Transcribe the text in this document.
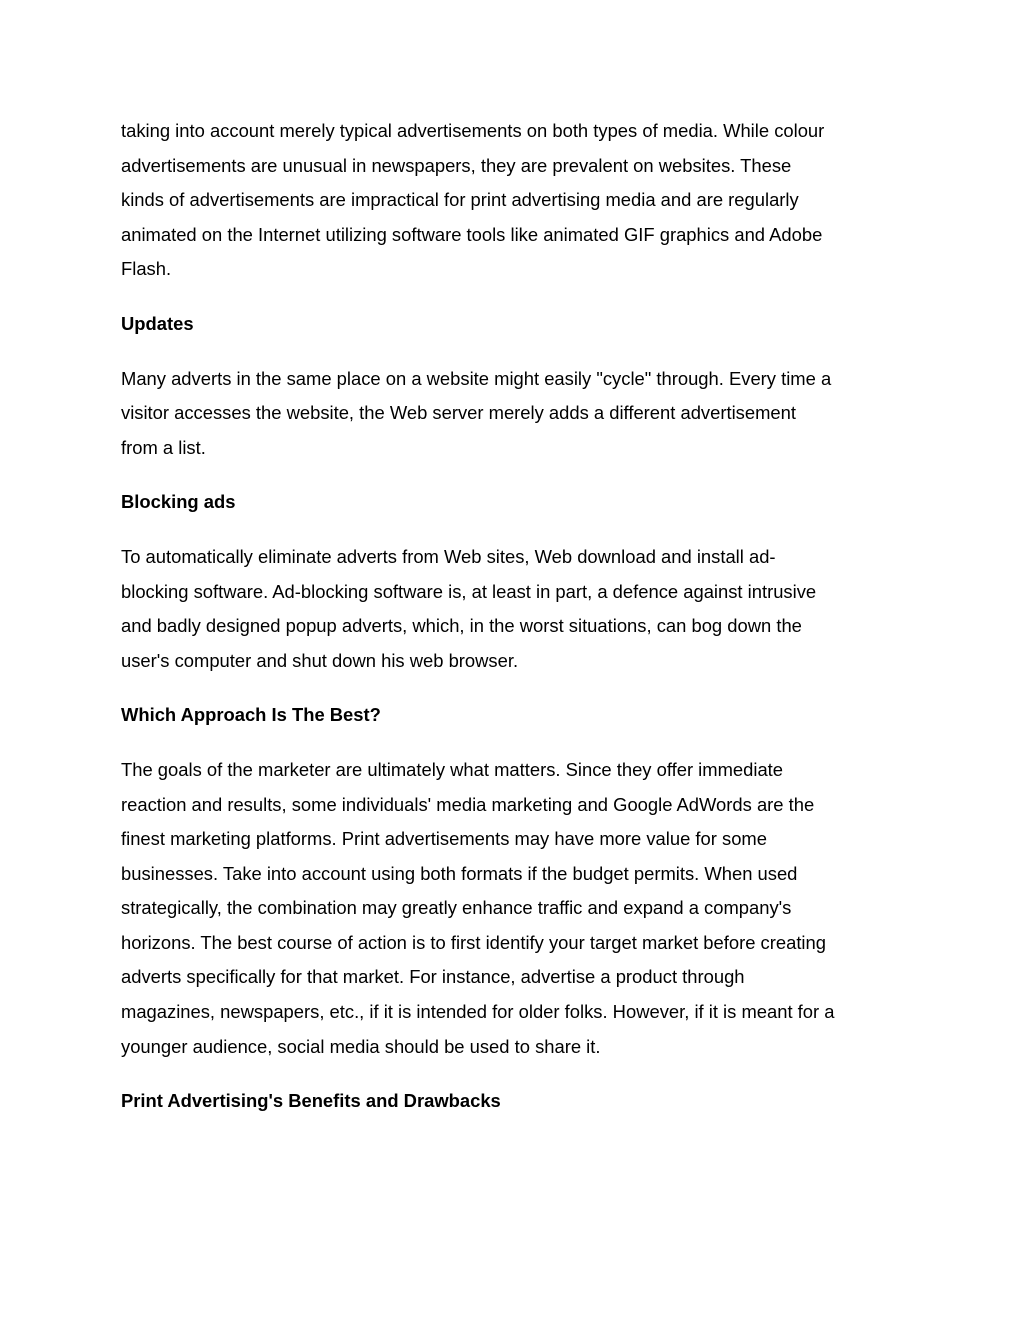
taking into account merely typical advertisements on both types of media. While colour
advertisements are unusual in newspapers, they are prevalent on websites. These
kinds of advertisements are impractical for print advertising media and are regularly
animated on the Internet utilizing software tools like animated GIF graphics and Adobe
Flash.

Updates

Many adverts in the same place on a website might easily "cycle" through. Every time a
visitor accesses the website, the Web server merely adds a different advertisement
from a list.

Blocking ads

To automatically eliminate adverts from Web sites, Web download and install ad-
blocking software. Ad-blocking software is, at least in part, a defence against intrusive
and badly designed popup adverts, which, in the worst situations, can bog down the
user's computer and shut down his web browser.

Which Approach Is The Best?

The goals of the marketer are ultimately what matters. Since they offer immediate
reaction and results, some individuals' media marketing and Google AdWords are the
finest marketing platforms. Print advertisements may have more value for some
businesses. Take into account using both formats if the budget permits. When used
strategically, the combination may greatly enhance traffic and expand a company's
horizons. The best course of action is to first identify your target market before creating
adverts specifically for that market. For instance, advertise a product through
magazines, newspapers, etc., if it is intended for older folks. However, if it is meant for a
younger audience, social media should be used to share it.

Print Advertising's Benefits and Drawbacks
